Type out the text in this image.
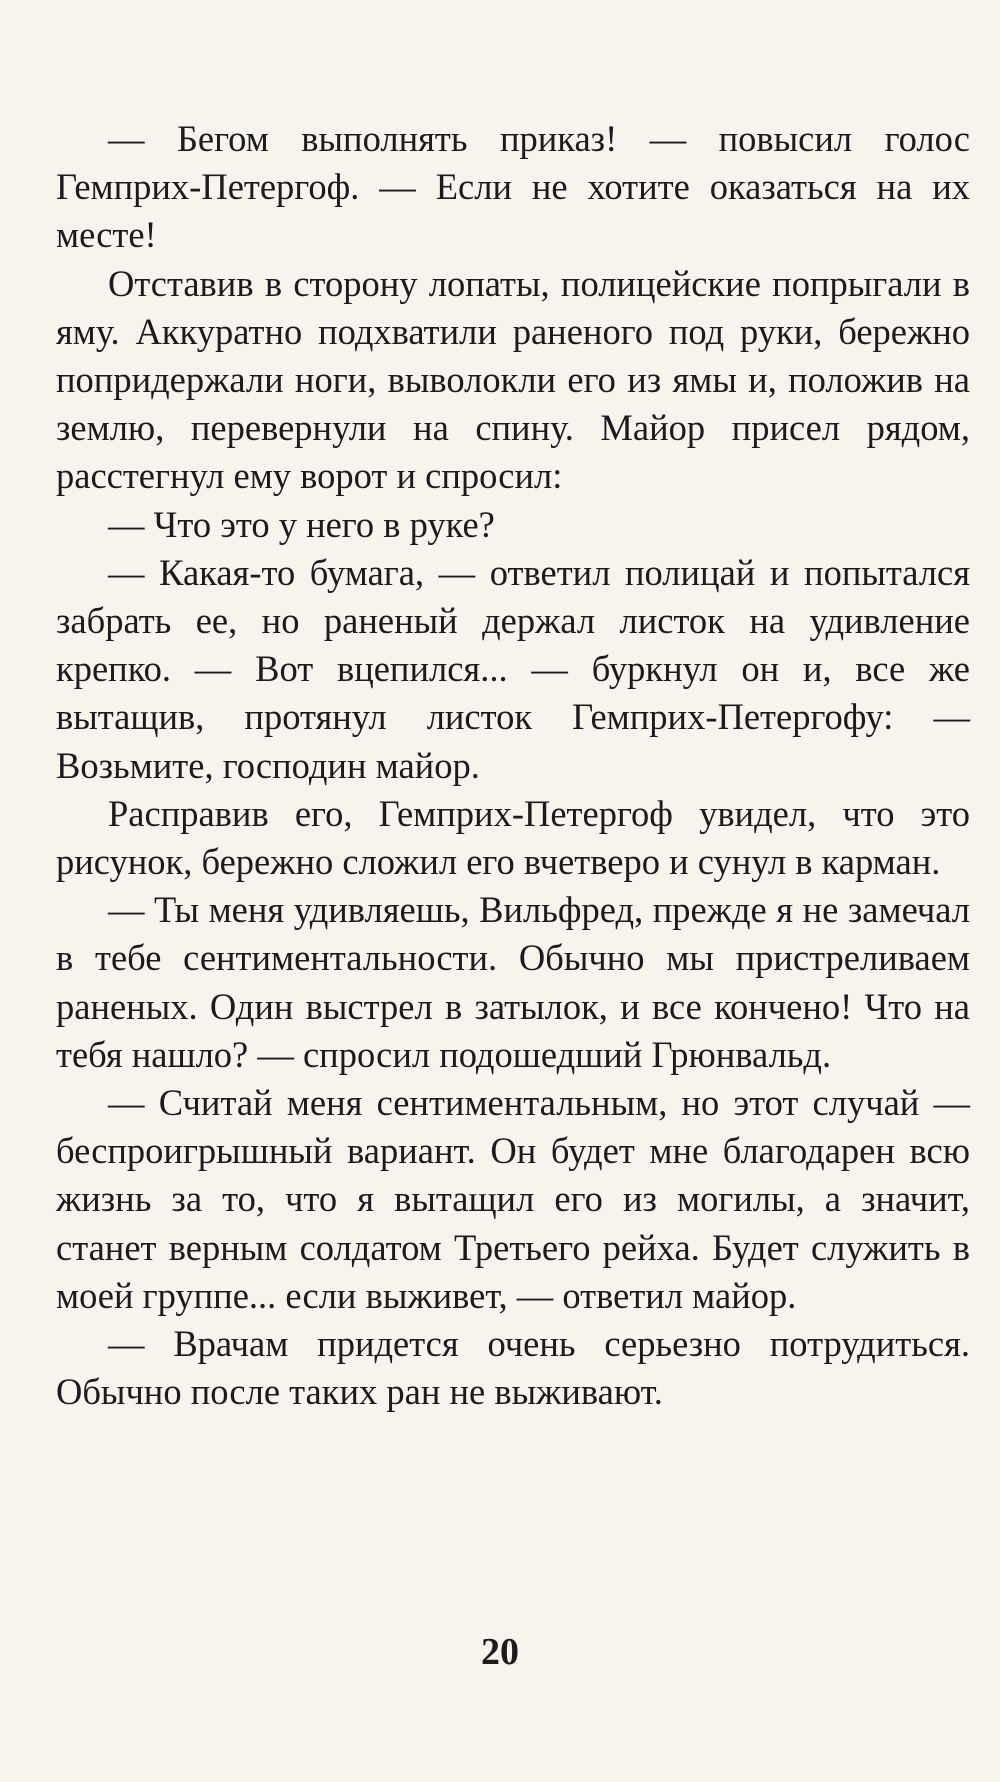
— Бегом выполнять приказ! — повысил голос Гемприх-Петергоф. — Если не хотите оказаться на их месте!

Отставив в сторону лопаты, полицейские попрыгали в яму. Аккуратно подхватили раненого под руки, бережно попридержали ноги, выволокли его из ямы и, положив на землю, перевернули на спину. Майор присел рядом, расстегнул ему ворот и спросил:

— Что это у него в руке?

— Какая-то бумага, — ответил полицай и попытался забрать ее, но раненый держал листок на удивление крепко. — Вот вцепился... — буркнул он и, все же вытащив, протянул листок Гемприх-Петергофу: — Возьмите, господин майор.

Расправив его, Гемприх-Петергоф увидел, что это рисунок, бережно сложил его вчетверо и сунул в карман.

— Ты меня удивляешь, Вильфред, прежде я не замечал в тебе сентиментальности. Обычно мы пристреливаем раненых. Один выстрел в затылок, и все кончено! Что на тебя нашло? — спросил подошедший Грюнвальд.

— Считай меня сентиментальным, но этот случай — беспроигрышный вариант. Он будет мне благодарен всю жизнь за то, что я вытащил его из могилы, а значит, станет верным солдатом Третьего рейха. Будет служить в моей группе... если выживет, — ответил майор.

— Врачам придется очень серьезно потрудиться. Обычно после таких ран не выживают.

20
